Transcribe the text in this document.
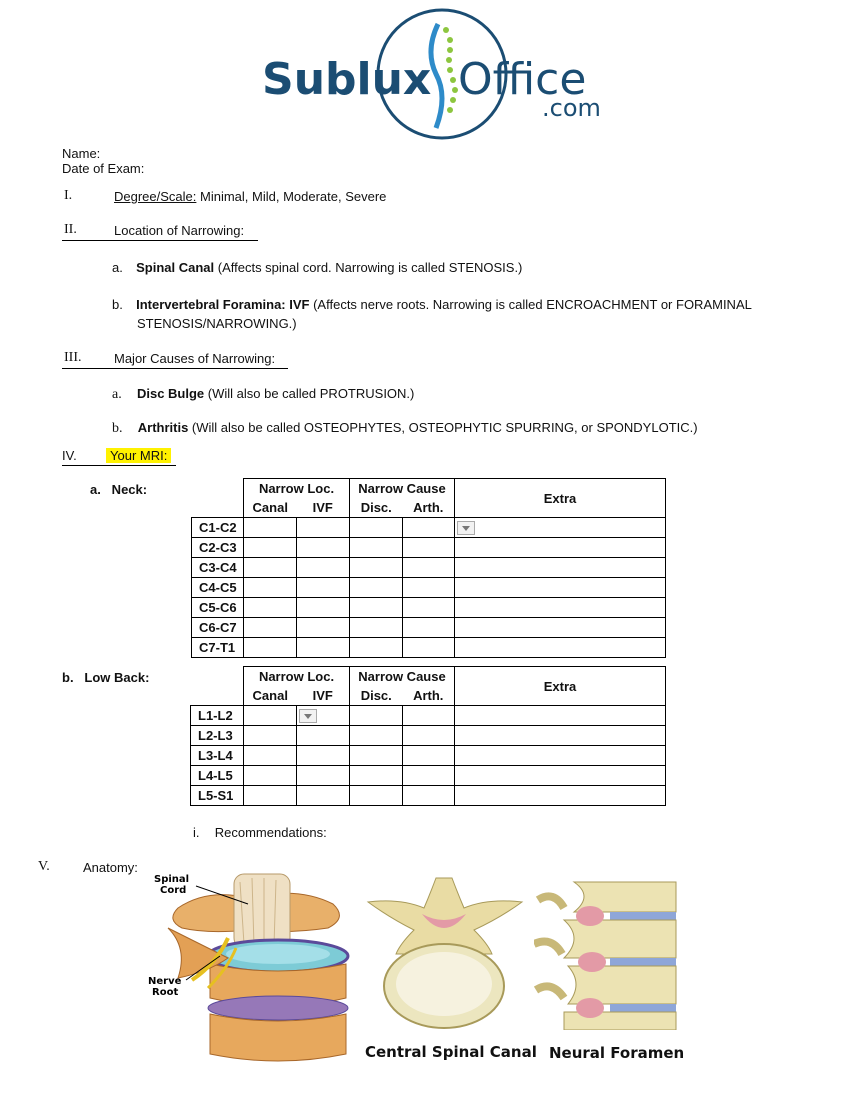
Sublux Office
.com
Name:
Date of Exam:
I.	Degree/Scale: Minimal, Mild, Moderate, Severe
II.	Location of Narrowing:
a. Spinal Canal (Affects spinal cord. Narrowing is called STENOSIS.)
b. Intervertebral Foramina: IVF (Affects nerve roots. Narrowing is called ENCROACHMENT or FORAMINAL
STENOSIS/NARROWING.)
III.	Major Causes of Narrowing:
a. Disc Bulge (Will also be called PROTRUSION.)
b. Arthritis (Will also be called OSTEOPHYTES, OSTEOPHYTIC SPURRING, or SPONDYLOTIC.)
IV.	Your MRI:
a.   Neck:
		Narrow Loc.		Narrow Cause		Extra
	Canal	IVF	Disc.	Arth.	
C1-C2					
C2-C3					
C3-C4					
C4-C5					
C5-C6					
C6-C7					
C7-T1					
b.   Low Back:
		Narrow Loc.		Narrow Cause		Extra
	Canal	IVF	Disc.	Arth.	
L1-L2					
L2-L3					
L3-L4					
L4-L5					
L5-S1					
i. Recommendations:
V.	Anatomy:
Spinal
Cord
Nerve
Root
Central Spinal Canal Neural Foramen
